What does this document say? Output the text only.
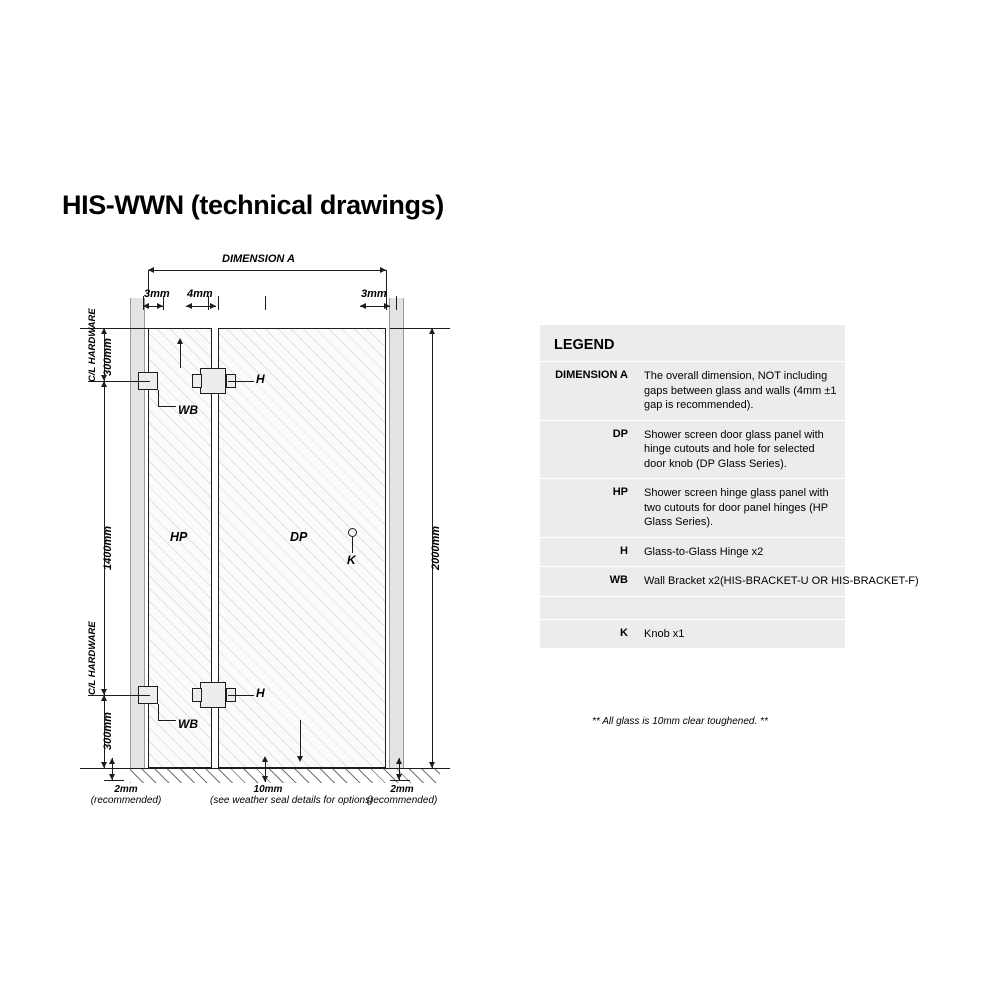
HIS-WWN (technical drawings)
DIMENSION A
3mm 4mm	3mm
HP	DP
H
H
WB
WB
K
300mm
C/L HARDWARE
1400mm
300mm
C/L HARDWARE
2000mm
2mm
(recommended)
10mm
(see weather seal details for options)
2mm
(recommended)
LEGEND
DIMENSION A	The overall dimension, NOT including gaps between glass and walls (4mm ±1 gap is recommended).
DP	Shower screen door glass panel with hinge cutouts and hole for selected door knob (DP Glass Series).
HP	Shower screen hinge glass panel with two cutouts for door panel hinges (HP Glass Series).
H	Glass-to-Glass Hinge x2
WB	Wall Bracket x2(HIS-BRACKET-U OR HIS-BRACKET-F)
K	Knob x1
** All glass is 10mm clear toughened. **
